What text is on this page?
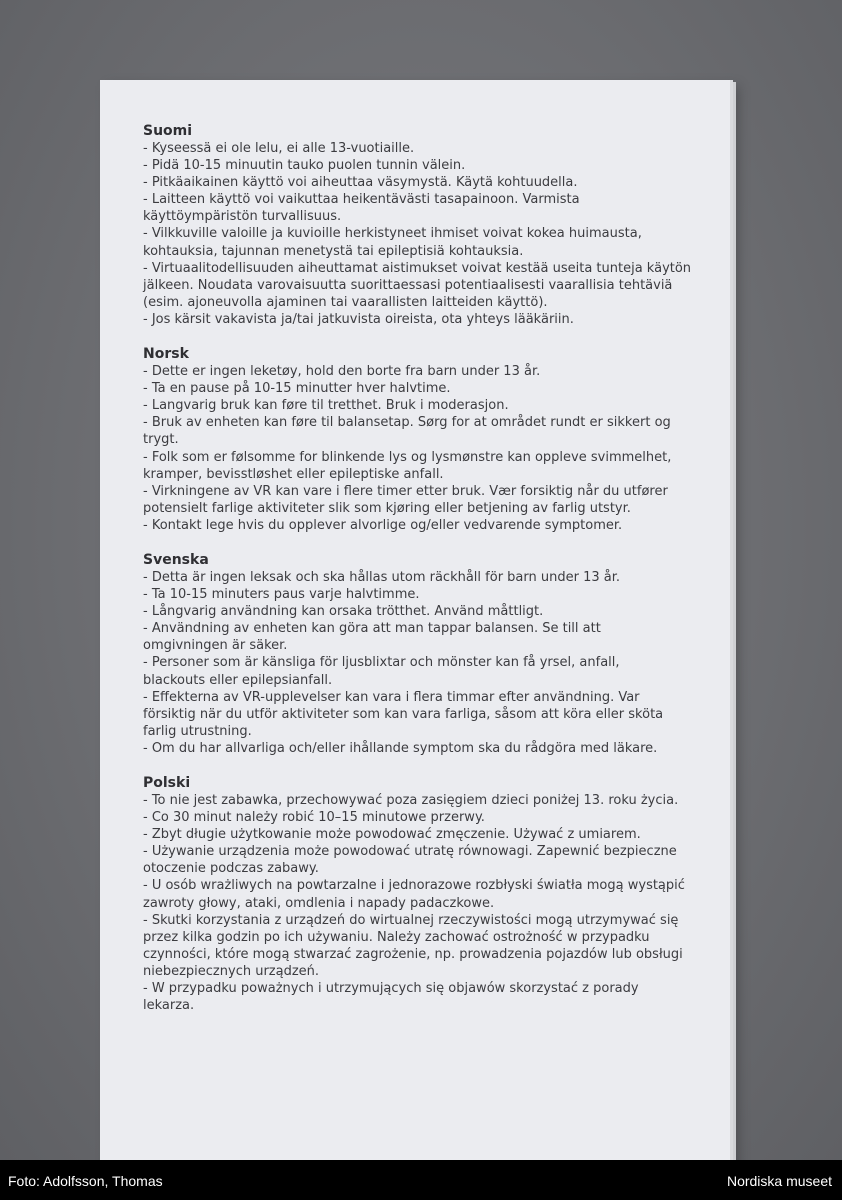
Suomi
- Kyseessä ei ole lelu, ei alle 13-vuotiaille.
- Pidä 10-15 minuutin tauko puolen tunnin välein.
- Pitkäaikainen käyttö voi aiheuttaa väsymystä. Käytä kohtuudella.
- Laitteen käyttö voi vaikuttaa heikentävästi tasapainoon. Varmista
käyttöympäristön turvallisuus.
- Vilkkuville valoille ja kuvioille herkistyneet ihmiset voivat kokea huimausta,
kohtauksia, tajunnan menetystä tai epileptisiä kohtauksia.
- Virtuaalitodellisuuden aiheuttamat aistimukset voivat kestää useita tunteja käytön
jälkeen. Noudata varovaisuutta suorittaessasi potentiaalisesti vaarallisia tehtäviä
(esim. ajoneuvolla ajaminen tai vaarallisten laitteiden käyttö).
- Jos kärsit vakavista ja/tai jatkuvista oireista, ota yhteys lääkäriin.
Norsk
- Dette er ingen leketøy, hold den borte fra barn under 13 år.
- Ta en pause på 10-15 minutter hver halvtime.
- Langvarig bruk kan føre til tretthet. Bruk i moderasjon.
- Bruk av enheten kan føre til balansetap. Sørg for at området rundt er sikkert og
trygt.
- Folk som er følsomme for blinkende lys og lysmønstre kan oppleve svimmelhet,
kramper, bevisstløshet eller epileptiske anfall.
- Virkningene av VR kan vare i flere timer etter bruk. Vær forsiktig når du utfører
potensielt farlige aktiviteter slik som kjøring eller betjening av farlig utstyr.
- Kontakt lege hvis du opplever alvorlige og/eller vedvarende symptomer.
Svenska
- Detta är ingen leksak och ska hållas utom räckhåll för barn under 13 år.
- Ta 10-15 minuters paus varje halvtimme.
- Långvarig användning kan orsaka trötthet. Använd måttligt.
- Användning av enheten kan göra att man tappar balansen. Se till att
omgivningen är säker.
- Personer som är känsliga för ljusblixtar och mönster kan få yrsel, anfall,
blackouts eller epilepsianfall.
- Effekterna av VR-upplevelser kan vara i flera timmar efter användning. Var
försiktig när du utför aktiviteter som kan vara farliga, såsom att köra eller sköta
farlig utrustning.
- Om du har allvarliga och/eller ihållande symptom ska du rådgöra med läkare.
Polski
- To nie jest zabawka, przechowywać poza zasięgiem dzieci poniżej 13. roku życia.
- Co 30 minut należy robić 10–15 minutowe przerwy.
- Zbyt długie użytkowanie może powodować zmęczenie. Używać z umiarem.
- Używanie urządzenia może powodować utratę równowagi. Zapewnić bezpieczne
otoczenie podczas zabawy.
- U osób wrażliwych na powtarzalne i jednorazowe rozbłyski światła mogą wystąpić
zawroty głowy, ataki, omdlenia i napady padaczkowe.
- Skutki korzystania z urządzeń do wirtualnej rzeczywistości mogą utrzymywać się
przez kilka godzin po ich używaniu. Należy zachować ostrożność w przypadku
czynności, które mogą stwarzać zagrożenie, np. prowadzenia pojazdów lub obsługi
niebezpiecznych urządzeń.
- W przypadku poważnych i utrzymujących się objawów skorzystać z porady
lekarza.
Foto: Adolfsson, Thomas	Nordiska museet
